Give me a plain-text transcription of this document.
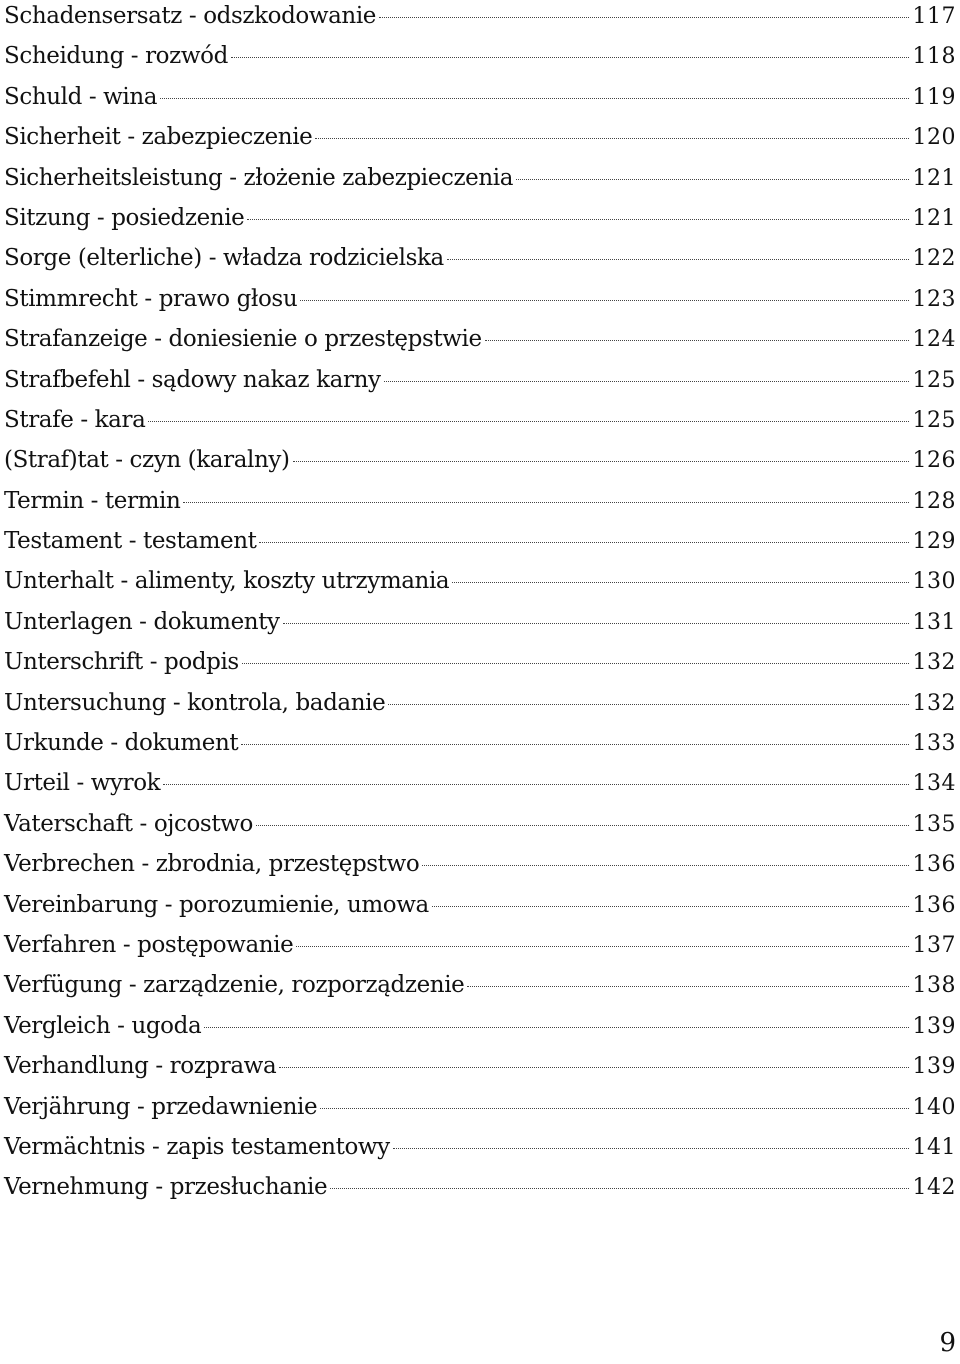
Schadensersatz - odszkodowanie	117
Scheidung - rozwód	118
Schuld - wina	119
Sicherheit - zabezpieczenie	120
Sicherheitsleistung - złożenie zabezpieczenia	121
Sitzung - posiedzenie	121
Sorge (elterliche) - władza rodzicielska	122
Stimmrecht - prawo głosu	123
Strafanzeige - doniesienie o przestępstwie	124
Strafbefehl - sądowy nakaz karny	125
Strafe - kara	125
(Straf)tat - czyn (karalny)	126
Termin - termin	128
Testament - testament	129
Unterhalt - alimenty, koszty utrzymania	130
Unterlagen - dokumenty	131
Unterschrift - podpis	132
Untersuchung - kontrola, badanie	132
Urkunde - dokument	133
Urteil - wyrok	134
Vaterschaft - ojcostwo	135
Verbrechen - zbrodnia, przestępstwo	136
Vereinbarung - porozumienie, umowa	136
Verfahren - postępowanie	137
Verfügung - zarządzenie, rozporządzenie	138
Vergleich - ugoda	139
Verhandlung - rozprawa	139
Verjährung - przedawnienie	140
Vermächtnis - zapis testamentowy	141
Vernehmung - przesłuchanie	142
9
